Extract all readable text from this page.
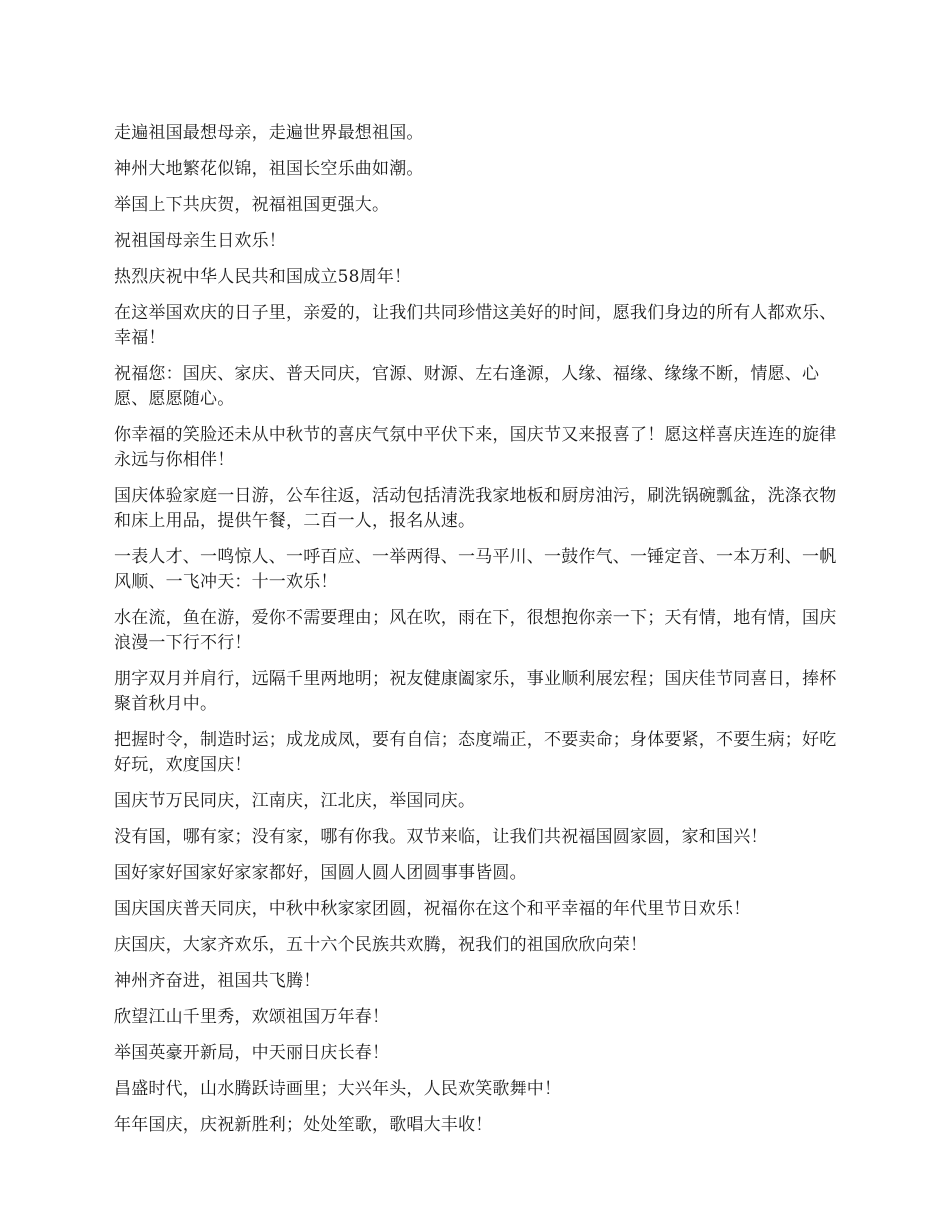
走遍祖国最想母亲，走遍世界最想祖国。

神州大地繁花似锦，祖国长空乐曲如潮。

举国上下共庆贺，祝福祖国更强大。

祝祖国母亲生日欢乐！

热烈庆祝中华人民共和国成立58周年！

在这举国欢庆的日子里，亲爱的，让我们共同珍惜这美好的时间，愿我们身边的所有人都欢乐、幸福！

祝福您：国庆、家庆、普天同庆，官源、财源、左右逢源，人缘、福缘、缘缘不断，情愿、心愿、愿愿随心。

你幸福的笑脸还未从中秋节的喜庆气氛中平伏下来，国庆节又来报喜了！愿这样喜庆连连的旋律永远与你相伴！

国庆体验家庭一日游，公车往返，活动包括清洗我家地板和厨房油污，刷洗锅碗瓢盆，洗涤衣物和床上用品，提供午餐，二百一人，报名从速。

一表人才、一鸣惊人、一呼百应、一举两得、一马平川、一鼓作气、一锤定音、一本万利、一帆风顺、一飞冲天：十一欢乐！

水在流，鱼在游，爱你不需要理由；风在吹，雨在下，很想抱你亲一下；天有情，地有情，国庆浪漫一下行不行！

朋字双月并肩行，远隔千里两地明；祝友健康阖家乐，事业顺利展宏程；国庆佳节同喜日，捧杯聚首秋月中。

把握时令，制造时运；成龙成凤，要有自信；态度端正，不要卖命；身体要紧，不要生病；好吃好玩，欢度国庆！

国庆节万民同庆，江南庆，江北庆，举国同庆。

没有国，哪有家；没有家，哪有你我。双节来临，让我们共祝福国圆家圆，家和国兴！

国好家好国家好家家都好，国圆人圆人团圆事事皆圆。

国庆国庆普天同庆，中秋中秋家家团圆，祝福你在这个和平幸福的年代里节日欢乐！

庆国庆，大家齐欢乐，五十六个民族共欢腾，祝我们的祖国欣欣向荣！

神州齐奋进，祖国共飞腾！

欣望江山千里秀，欢颂祖国万年春！

举国英豪开新局，中天丽日庆长春！

昌盛时代，山水腾跃诗画里；大兴年头，人民欢笑歌舞中！

年年国庆，庆祝新胜利；处处笙歌，歌唱大丰收！
